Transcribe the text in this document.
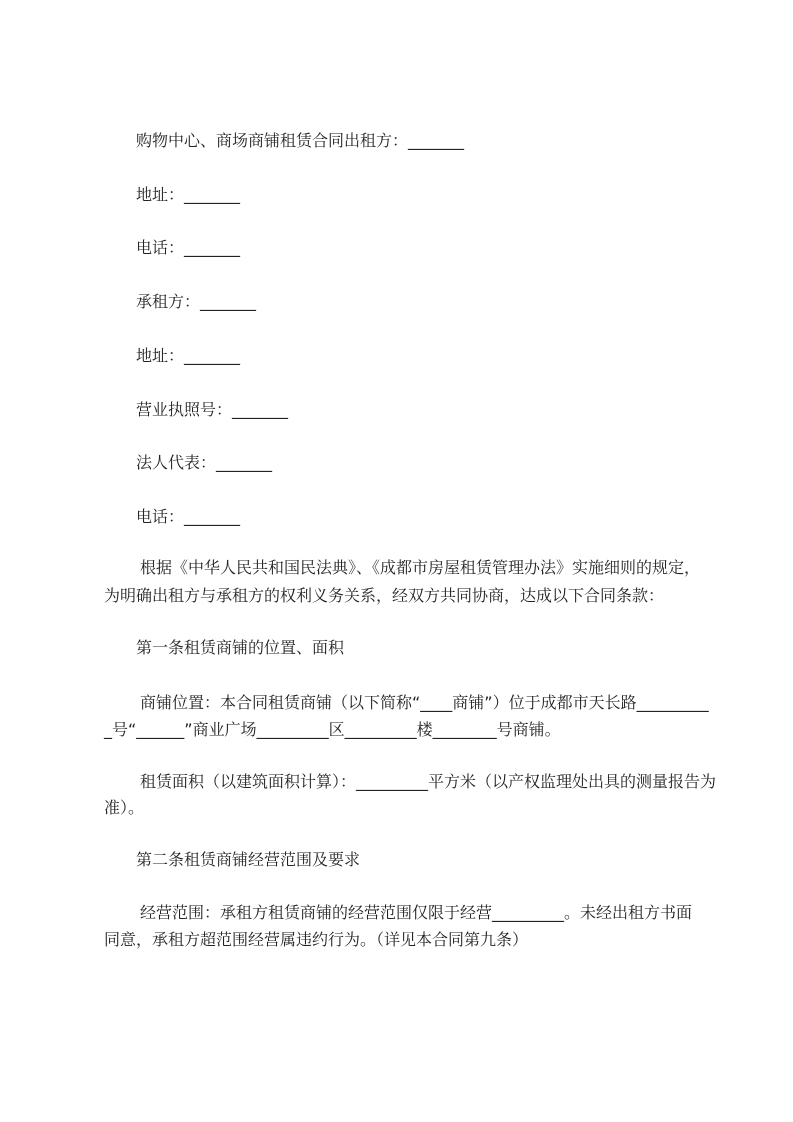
购物中心、商场商铺租赁合同出租方：_______

地址：_______

电话：_______

承租方：_______

地址：_______

营业执照号：_______

法人代表：_______

电话：_______

根据《中华人民共和国民法典》、《成都市房屋租赁管理办法》实施细则的规定，

为明确出租方与承租方的权利义务关系，经双方共同协商，达成以下合同条款：

第一条租赁商铺的位置、面积

商铺位置：本合同租赁商铺（以下简称“____商铺”）位于成都市天长路_________

_号“______”商业广场_________区_________楼________号商铺。

租赁面积（以建筑面积计算）：_________平方米（以产权监理处出具的测量报告为

准）。

第二条租赁商铺经营范围及要求

经营范围：承租方租赁商铺的经营范围仅限于经营_________。未经出租方书面

同意，承租方超范围经营属违约行为。（详见本合同第九条）
